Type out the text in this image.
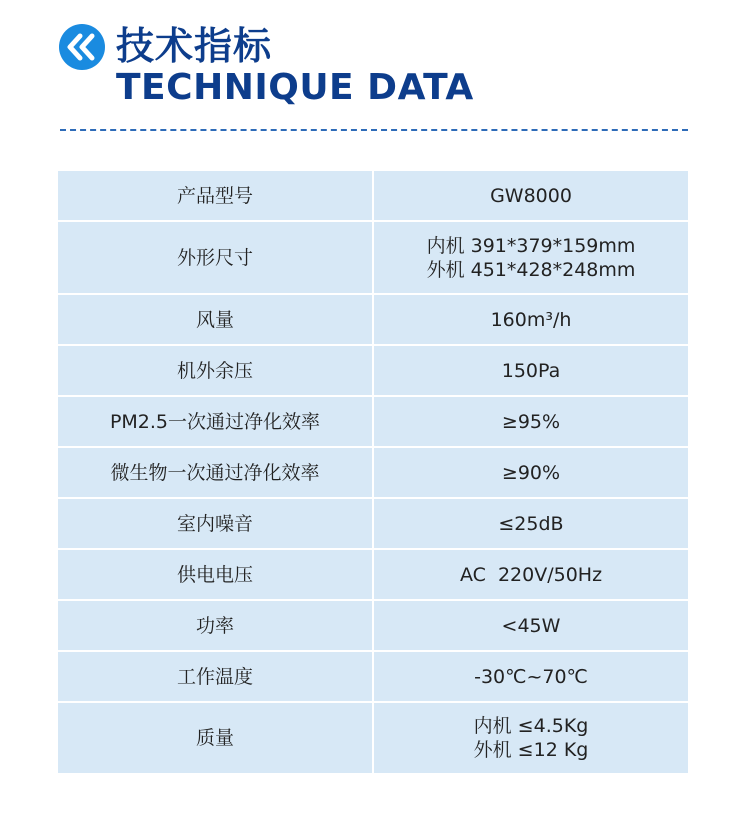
技术指标
TECHNIQUE DATA
产品型号	GW8000

外形尺寸	内机 391*379*159mm
外机 451*428*248mm

风量	160m³/h

机外余压	150Pa

PM2.5一次通过净化效率	≥95%

微生物一次通过净化效率	≥90%

室内噪音	≤25dB

供电电压	AC  220V/50Hz

功率	<45W

工作温度	-30℃~70℃

质量	内机 ≤4.5Kg
外机 ≤12 Kg
